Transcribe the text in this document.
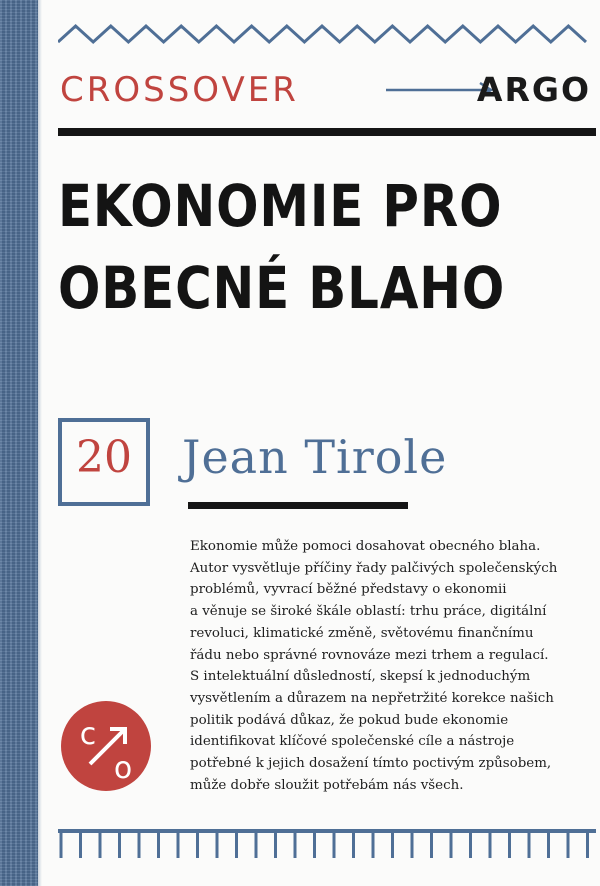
CROSSOVER	ARGO
EKONOMIE PRO
OBECNÉ BLAHO
20	Jean Tirole
Ekonomie může pomoci dosahovat obecného blaha.
Autor vysvětluje příčiny řady palčivých společenských
problémů, vyvrací běžné představy o ekonomii
a věnuje se široké škále oblastí: trhu práce, digitální
revoluci, klimatické změně, světovému finančnímu
řádu nebo správné rovnováze mezi trhem a regulací.
S intelektuální důsledností, skepsí k jednoduchým
vysvětlením a důrazem na nepřetržité korekce našich
politik podává důkaz, že pokud bude ekonomie
identifikovat klíčové společenské cíle a nástroje
potřebné k jejich dosažení tímto poctivým způsobem,
může dobře sloužit potřebám nás všech.
c
o
